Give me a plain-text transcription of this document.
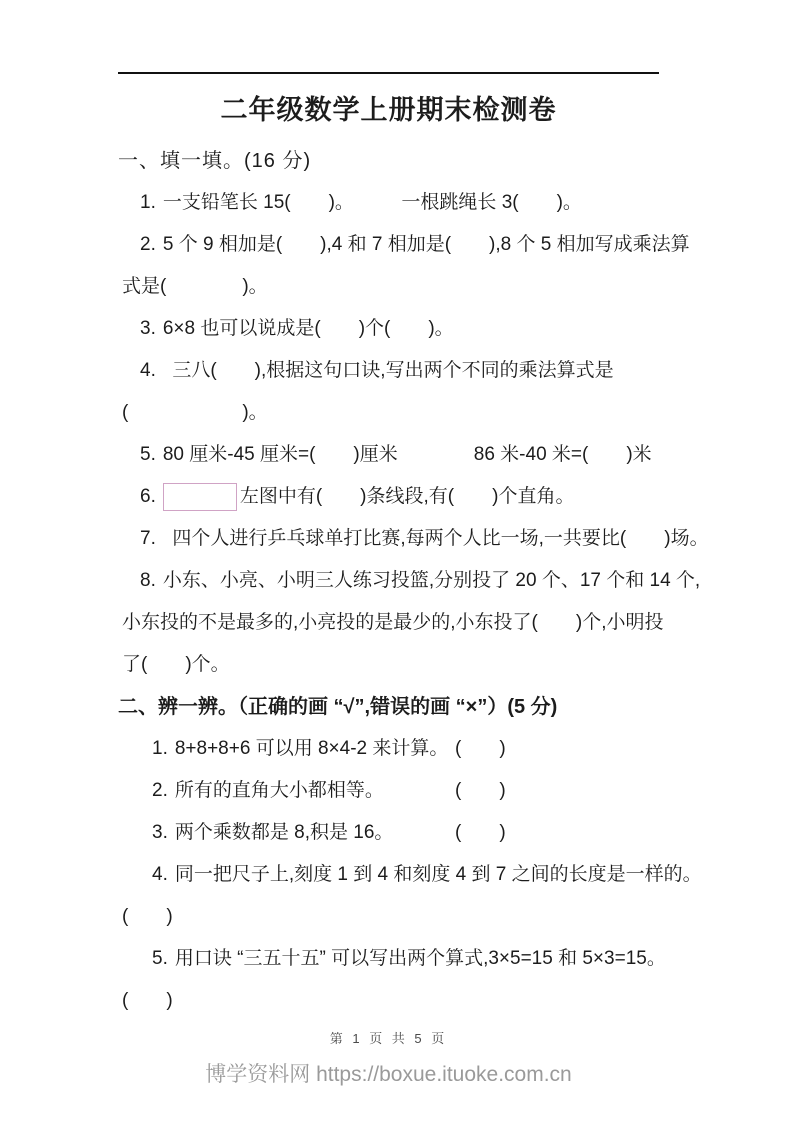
二年级数学上册期末检测卷
一、填一填。(16 分)
1. 一支铅笔长 15(　　)。　　　一根跳绳长 3(　　)。
2. 5 个 9 相加是(　　),4 和 7 相加是(　　),8 个 5 相加写成乘法算
式是(　　　　)。
3. 6×8 也可以说成是(　　)个(　　)。
4. 三八(　　),根据这句口诀,写出两个不同的乘法算式是
(　　　　　　)。
5. 80 厘米-45 厘米=(　　)厘米　　　　86 米-40 米=(　　)米
6.	左图中有(　　)条线段,有(　　)个直角。
7. 四个人进行乒乓球单打比赛,每两个人比一场,一共要比(　　)场。
8. 小东、小亮、小明三人练习投篮,分别投了 20 个、17 个和 14 个,
小东投的不是最多的,小亮投的是最少的,小东投了(　　)个,小明投
了(　　)个。
二、辨一辨。（正确的画 “√”,错误的画 “×”）(5 分)
1. 8+8+8+6 可以用 8×4-2 来计算。 (　　)
2. 所有的直角大小都相等。	(　　)
3. 两个乘数都是 8,积是 16。	(　　)
4. 同一把尺子上,刻度 1 到 4 和刻度 4 到 7 之间的长度是一样的。
(　　)
5. 用口诀 “三五十五” 可以写出两个算式,3×5=15 和 5×3=15。
(　　)
第 1 页 共 5 页
博学资料网 https://boxue.ituoke.com.cn
